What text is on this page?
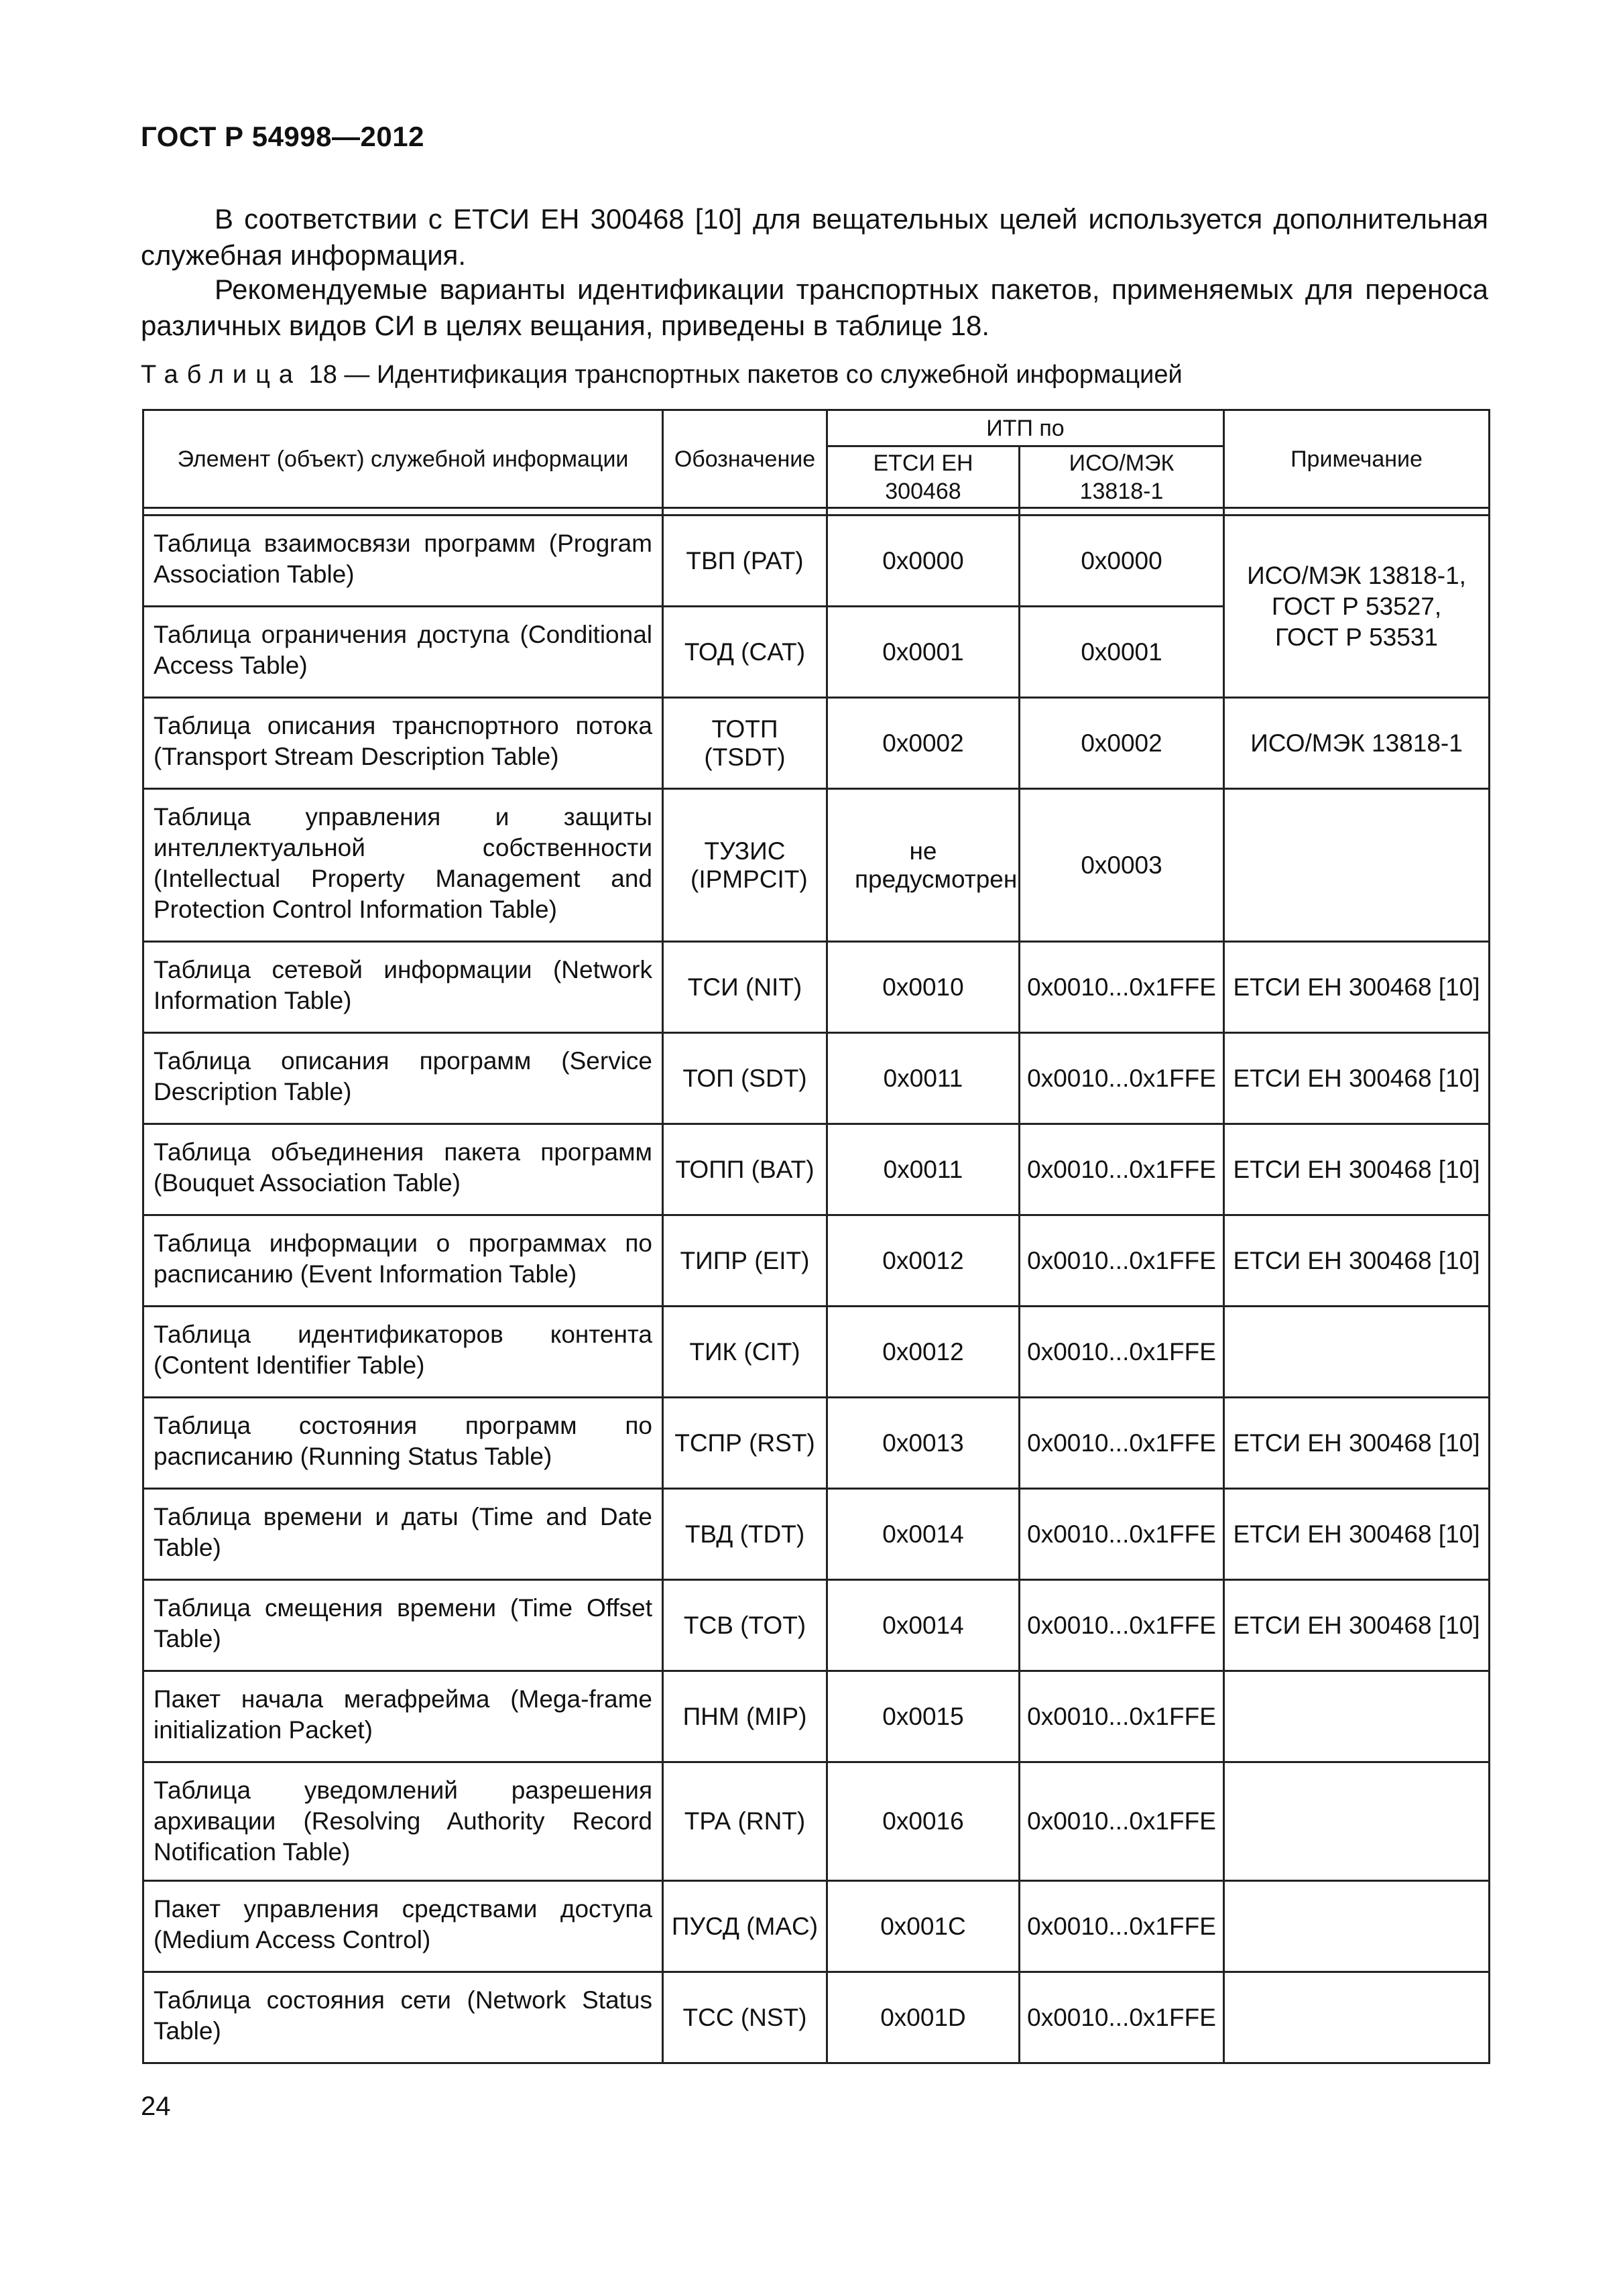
ГОСТ Р 54998—2012
В соответствии с ЕТСИ ЕН 300468 [10] для вещательных целей используется дополнительная служебная информация.
Рекомендуемые варианты идентификации транспортных пакетов, применяемых для переноса различных видов СИ в целях вещания, приведены в таблице 18.
Таблица 18 — Идентификация транспортных пакетов со служебной информацией
Элемент (объект) служебной информации	Обозначение	ИТП по		Примечание
		ЕТСИ ЕН 300468	ИСО/МЭК 13818-1	

Таблица взаимосвязи программ (Program Association Table)	ТВП (PAT)	0x0000	0x0000	ИСО/МЭК 13818-1, ГОСТ Р 53527, ГОСТ Р 53531
Таблица ограничения доступа (Conditional Access Table)	ТОД (CAT)	0x0001	0x0001	
Таблица описания транспортного потока (Transport Stream Description Table)	ТОТП (TSDT)	0x0002	0x0002	ИСО/МЭК 13818-1
Таблица управления и защиты интеллектуальной собственности (Intellectual Property Management and Protection Control Information Table)	ТУЗИС (IPMPCIT)	не предусмотрен	0x0003	
Таблица сетевой информации (Network Information Table)	ТСИ (NIT)	0x0010	0x0010...0x1FFE	ЕТСИ ЕН 300468 [10]
Таблица описания программ (Service Description Table)	ТОП (SDT)	0x0011	0x0010...0x1FFE	ЕТСИ ЕН 300468 [10]
Таблица объединения пакета программ (Bouquet Association Table)	ТОПП (BAT)	0x0011	0x0010...0x1FFE	ЕТСИ ЕН 300468 [10]
Таблица информации о программах по расписанию (Event Information Table)	ТИПР (EIT)	0x0012	0x0010...0x1FFE	ЕТСИ ЕН 300468 [10]
Таблица идентификаторов контента (Content Identifier Table)	ТИК (CIT)	0x0012	0x0010...0x1FFE	
Таблица состояния программ по расписанию (Running Status Table)	ТСПР (RST)	0x0013	0x0010...0x1FFE	ЕТСИ ЕН 300468 [10]
Таблица времени и даты (Time and Date Table)	ТВД (TDT)	0x0014	0x0010...0x1FFE	ЕТСИ ЕН 300468 [10]
Таблица смещения времени (Time Offset Table)	ТСВ (TOT)	0x0014	0x0010...0x1FFE	ЕТСИ ЕН 300468 [10]
Пакет начала мегафрейма (Mega-frame initialization Packet)	ПНМ (MIP)	0x0015	0x0010...0x1FFE	
Таблица уведомлений разрешения архивации (Resolving Authority Record Notification Table)	ТРА (RNT)	0x0016	0x0010...0x1FFE	
Пакет управления средствами доступа (Medium Access Control)	ПУСД (MAC)	0x001C	0x0010...0x1FFE	
Таблица состояния сети (Network Status Table)	ТСС (NST)	0x001D	0x0010...0x1FFE	
24
